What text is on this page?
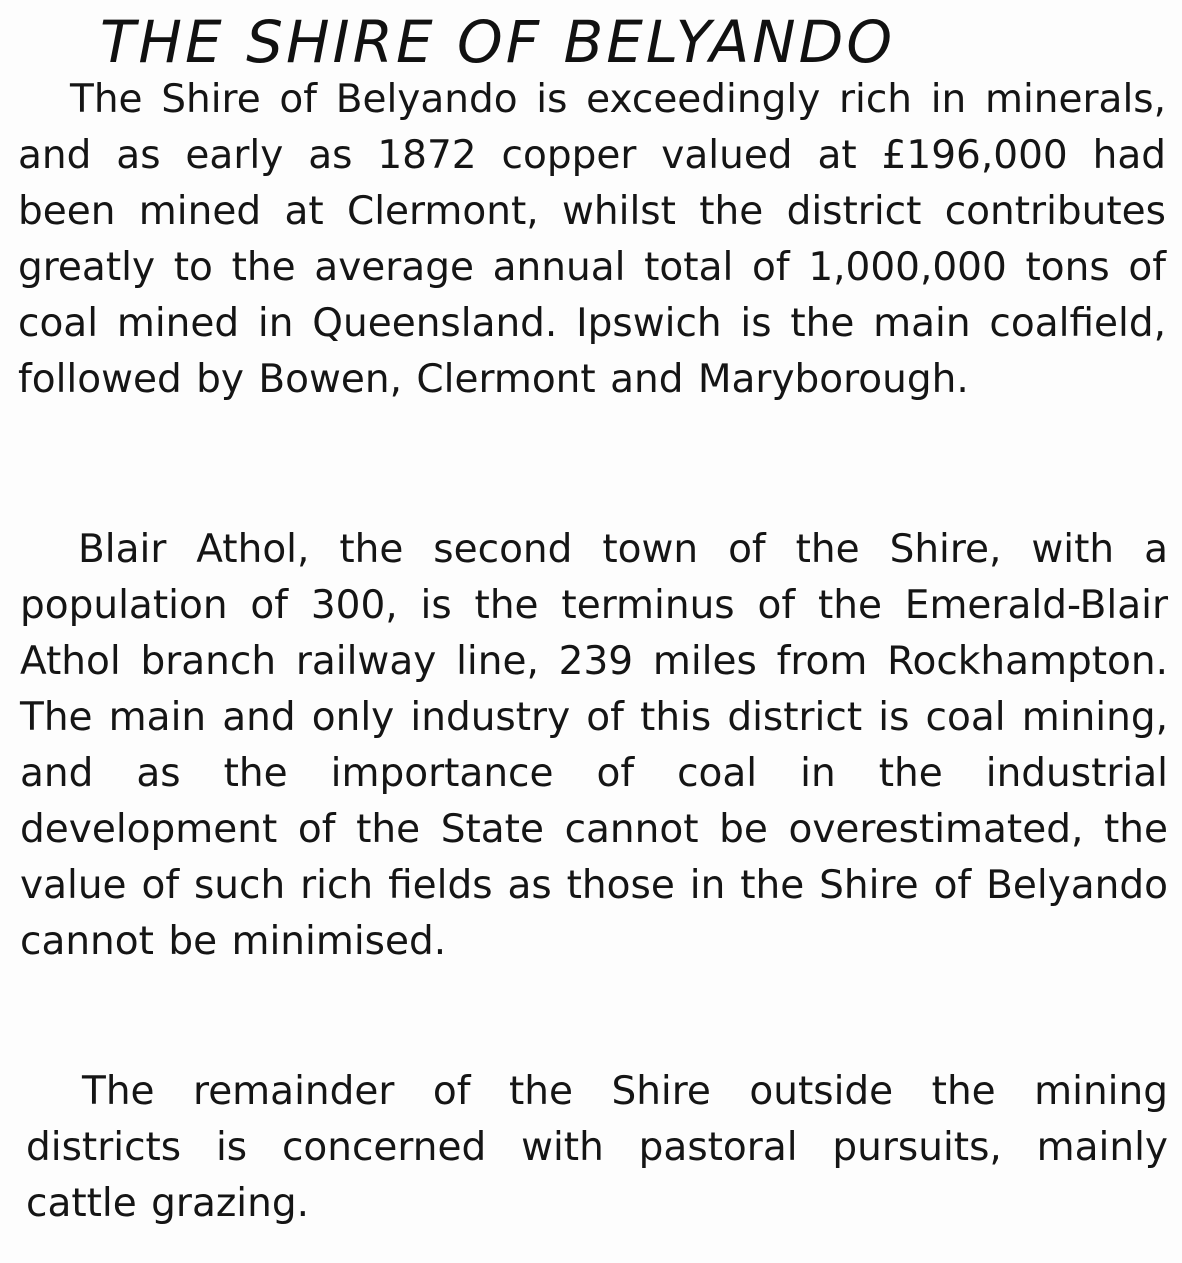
THE SHIRE OF BELYANDO

The Shire of Belyando is exceedingly rich in minerals, and as early as 1872 copper valued at £196,000 had been mined at Clermont, whilst the district contributes greatly to the average annual total of 1,000,000 tons of coal mined in Queensland. Ipswich is the main coalfield, followed by Bowen, Clermont and Maryborough.

Blair Athol, the second town of the Shire, with a population of 300, is the terminus of the Emerald-Blair Athol branch railway line, 239 miles from Rockhampton. The main and only industry of this district is coal mining, and as the importance of coal in the industrial development of the State cannot be overestimated, the value of such rich fields as those in the Shire of Belyando cannot be minimised.

The remainder of the Shire outside the mining districts is concerned with pastoral pursuits, mainly cattle grazing.
